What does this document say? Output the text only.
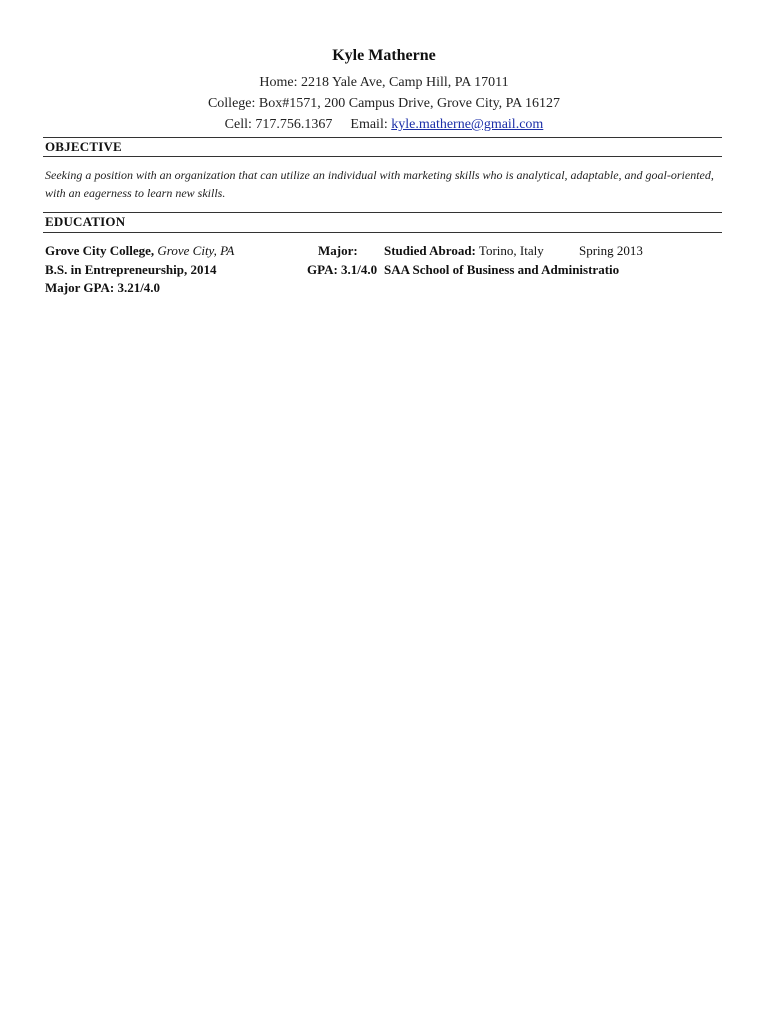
Kyle Matherne
Home: 2218 Yale Ave, Camp Hill, PA 17011
College: Box#1571, 200 Campus Drive, Grove City, PA 16127
Cell: 717.756.1367 Email: kyle.matherne@gmail.com
OBJECTIVE
Seeking a position with an organization that can utilize an individual with marketing skills who is analytical, adaptable, and goal-oriented, with an eagerness to learn new skills.
EDUCATION
Grove City College, Grove City, PA
B.S. in Entrepreneurship, 2014
Major GPA: 3.21/4.0
Major:
GPA: 3.1/4.0
Studied Abroad: Torino, Italy	Spring 2013
SAA School of Business and Administratio
